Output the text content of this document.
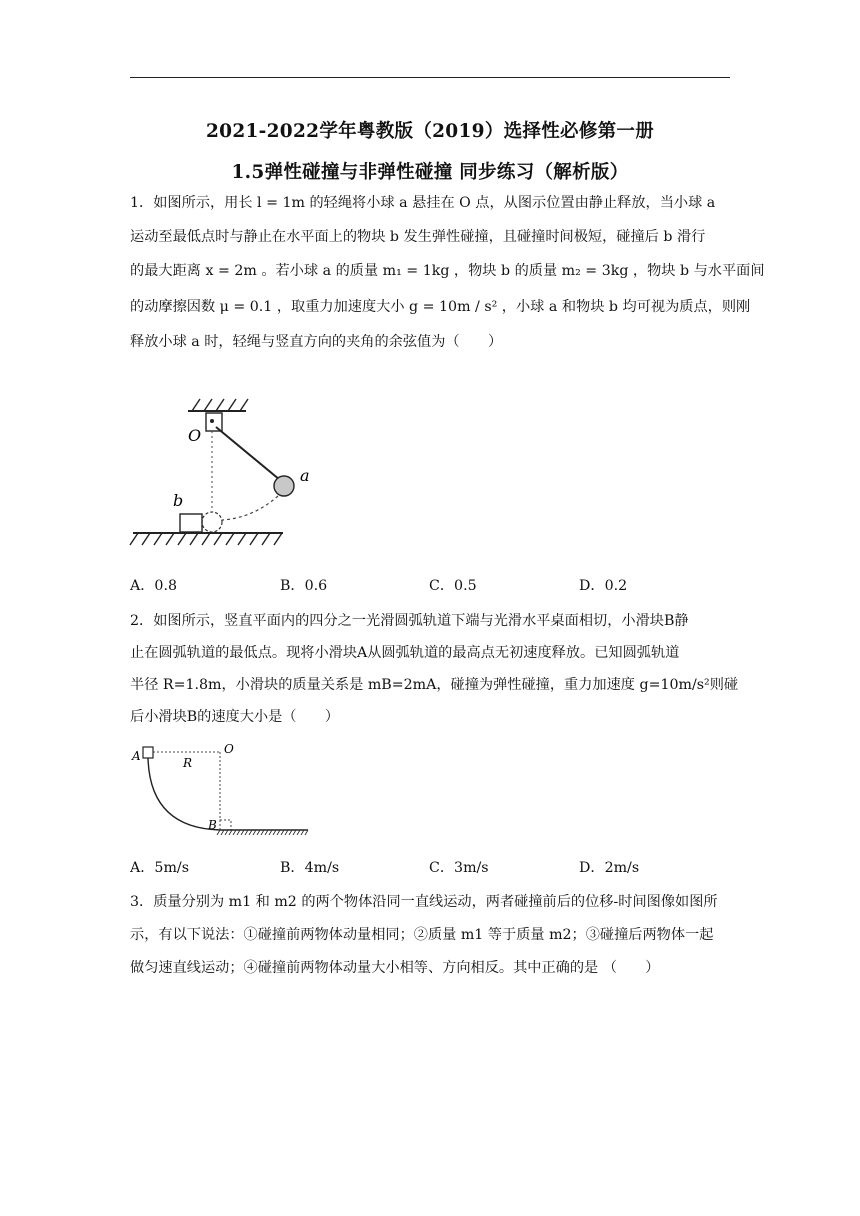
2021-2022学年粤教版（2019）选择性必修第一册
1.5弹性碰撞与非弹性碰撞 同步练习（解析版）
1．如图所示，用长 l = 1m 的轻绳将小球 a 悬挂在 O 点，从图示位置由静止释放，当小球 a
运动至最低点时与静止在水平面上的物块 b 发生弹性碰撞，且碰撞时间极短，碰撞后 b 滑行
的最大距离 x = 2m 。若小球 a 的质量 m₁ = 1kg ，物块 b 的质量 m₂ = 3kg ，物块 b 与水平面间
的动摩擦因数 μ = 0.1 ，取重力加速度大小 g = 10m / s² ，小球 a 和物块 b 均可视为质点，则刚
释放小球 a 时，轻绳与竖直方向的夹角的余弦值为（　　）
O
a
b
A．0.8	B．0.6	C．0.5	D．0.2
2．如图所示，竖直平面内的四分之一光滑圆弧轨道下端与光滑水平桌面相切，小滑块B静
止在圆弧轨道的最低点。现将小滑块A从圆弧轨道的最高点无初速度释放。已知圆弧轨道
半径 R=1.8m，小滑块的质量关系是 mB=2mA，碰撞为弹性碰撞，重力加速度 g=10m/s²则碰
后小滑块B的速度大小是（　　）
A	O
R
B
A．5m/s	B．4m/s	C．3m/s	D．2m/s
3．质量分别为 m1 和 m2 的两个物体沿同一直线运动，两者碰撞前后的位移-时间图像如图所
示，有以下说法：①碰撞前两物体动量相同；②质量 m1 等于质量 m2；③碰撞后两物体一起
做匀速直线运动；④碰撞前两物体动量大小相等、方向相反。其中正确的是 （　　）
